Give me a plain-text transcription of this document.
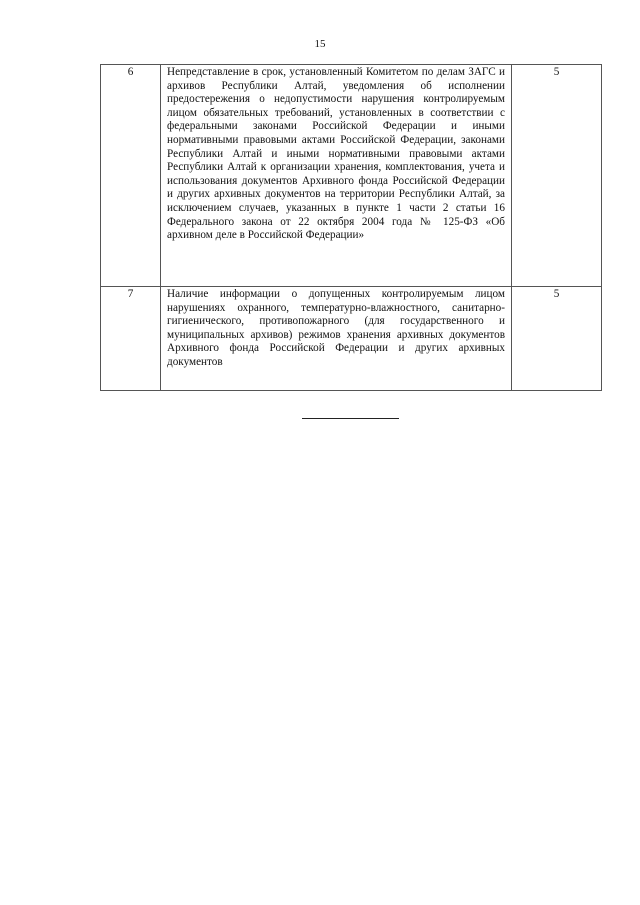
15
6	Непредставление в срок, установленный Комитетом по делам ЗАГС и архивов Республики Алтай, уведомления об исполнении предостережения о недопустимости нарушения контролируемым лицом обязательных требований, установленных в соответствии с федеральными законами Российской Федерации и иными нормативными правовыми актами Российской Федерации, законами Республики Алтай и иными нормативными правовыми актами Республики Алтай к организации хранения, комплектования, учета и использования документов Архивного фонда Российской Федерации и других архивных документов на территории Республики Алтай, за исключением случаев, указанных в пункте 1 части 2 статьи 16 Федерального закона от 22 октября 2004 года № 125-ФЗ «Об архивном деле в Российской Федерации»	5
7	Наличие информации о допущенных контролируемым лицом нарушениях охранного, температурно-влажностного, санитарно-гигиенического, противопожарного (для государственного и муниципальных архивов) режимов хранения архивных документов Архивного фонда Российской Федерации и других архивных документов	5
